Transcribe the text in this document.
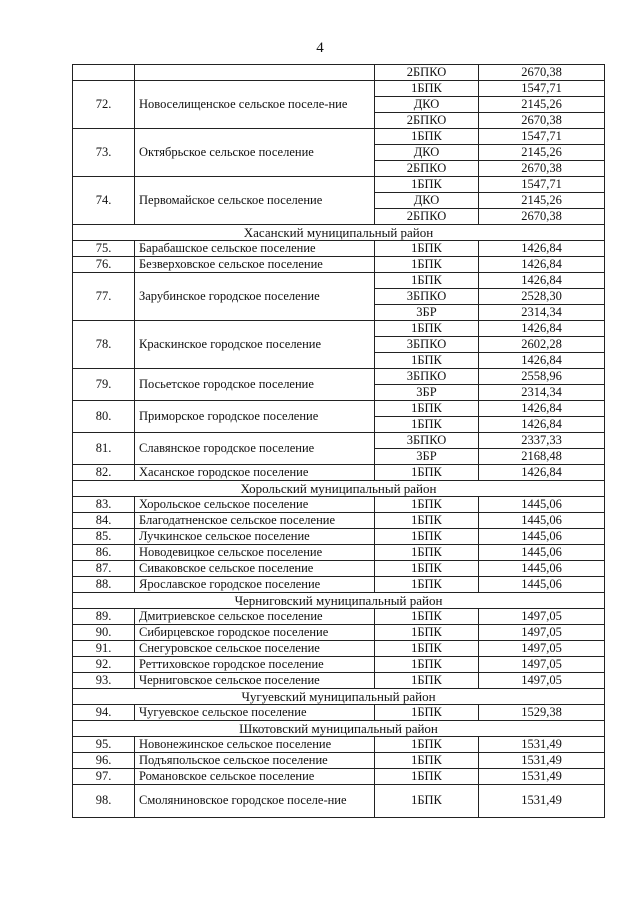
4
		2БПКО	2670,38
72.	Новоселищенское сельское поселе-ние	1БПК	1547,71
		ДКО	2145,26
		2БПКО	2670,38
73.	Октябрьское сельское поселение	1БПК	1547,71
		ДКО	2145,26
		2БПКО	2670,38
74.	Первомайское сельское поселение	1БПК	1547,71
		ДКО	2145,26
		2БПКО	2670,38
Хасанский муниципальный район			
75.	Барабашское сельское поселение	1БПК	1426,84
76.	Безверховское сельское поселение	1БПК	1426,84
77.	Зарубинское городское поселение	1БПК	1426,84
		3БПКО	2528,30
		3БР	2314,34
78.	Краскинское городское поселение	1БПК	1426,84
		3БПКО	2602,28
		1БПК	1426,84
79.	Посьетское городское поселение	3БПКО	2558,96
		3БР	2314,34
80.	Приморское городское поселение	1БПК	1426,84
		1БПК	1426,84
81.	Славянское городское поселение	3БПКО	2337,33
		3БР	2168,48
82.	Хасанское городское поселение	1БПК	1426,84
Хорольский муниципальный район			
83.	Хорольское сельское поселение	1БПК	1445,06
84.	Благодатненское сельское поселение	1БПК	1445,06
85.	Лучкинское сельское поселение	1БПК	1445,06
86.	Новодевицкое сельское поселение	1БПК	1445,06
87.	Сиваковское сельское поселение	1БПК	1445,06
88.	Ярославское городское поселение	1БПК	1445,06
Черниговский муниципальный район			
89.	Дмитриевское сельское поселение	1БПК	1497,05
90.	Сибирцевское городское поселение	1БПК	1497,05
91.	Снегуровское сельское поселение	1БПК	1497,05
92.	Реттиховское городское поселение	1БПК	1497,05
93.	Черниговское сельское поселение	1БПК	1497,05
Чугуевский муниципальный район			
94.	Чугуевское сельское поселение	1БПК	1529,38
Шкотовский муниципальный район			
95.	Новонежинское сельское поселение	1БПК	1531,49
96.	Подъяпольское сельское поселение	1БПК	1531,49
97.	Романовское сельское поселение	1БПК	1531,49
98.	Смоляниновское городское поселе-ние	1БПК	1531,49
